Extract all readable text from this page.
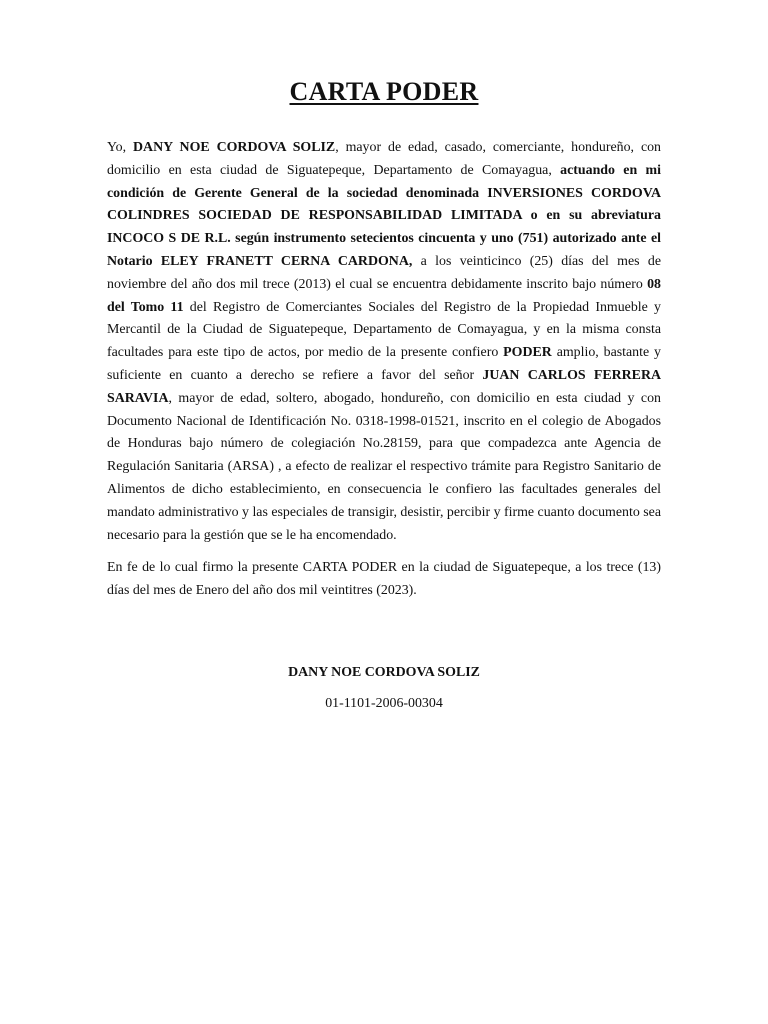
CARTA PODER

Yo, DANY NOE CORDOVA SOLIZ, mayor de edad, casado, comerciante, hondureño, con domicilio en esta ciudad de Siguatepeque, Departamento de Comayagua, actuando en mi condición de Gerente General de la sociedad denominada INVERSIONES CORDOVA COLINDRES SOCIEDAD DE RESPONSABILIDAD LIMITADA o en su abreviatura INCOCO S DE R.L. según instrumento setecientos cincuenta y uno (751) autorizado ante el Notario ELEY FRANETT CERNA CARDONA, a los veinticinco (25) días del mes de noviembre del año dos mil trece (2013) el cual se encuentra debidamente inscrito bajo número 08 del Tomo 11 del Registro de Comerciantes Sociales del Registro de la Propiedad Inmueble y Mercantil de la Ciudad de Siguatepeque, Departamento de Comayagua, y en la misma consta facultades para este tipo de actos, por medio de la presente confiero PODER amplio, bastante y suficiente en cuanto a derecho se refiere a favor del señor JUAN CARLOS FERRERA SARAVIA, mayor de edad, soltero, abogado, hondureño, con domicilio en esta ciudad y con Documento Nacional de Identificación No. 0318-1998-01521, inscrito en el colegio de Abogados de Honduras bajo número de colegiación No.28159, para que compadezca ante Agencia de Regulación Sanitaria (ARSA) , a efecto de realizar el respectivo trámite para Registro Sanitario de Alimentos de dicho establecimiento, en consecuencia le confiero las facultades generales del mandato administrativo y las especiales de transigir, desistir, percibir y firme cuanto documento sea necesario para la gestión que se le ha encomendado.

En fe de lo cual firmo la presente CARTA PODER en la ciudad de Siguatepeque, a los trece (13) días del mes de Enero del año dos mil veintitres (2023).

DANY NOE CORDOVA SOLIZ
01-1101-2006-00304
